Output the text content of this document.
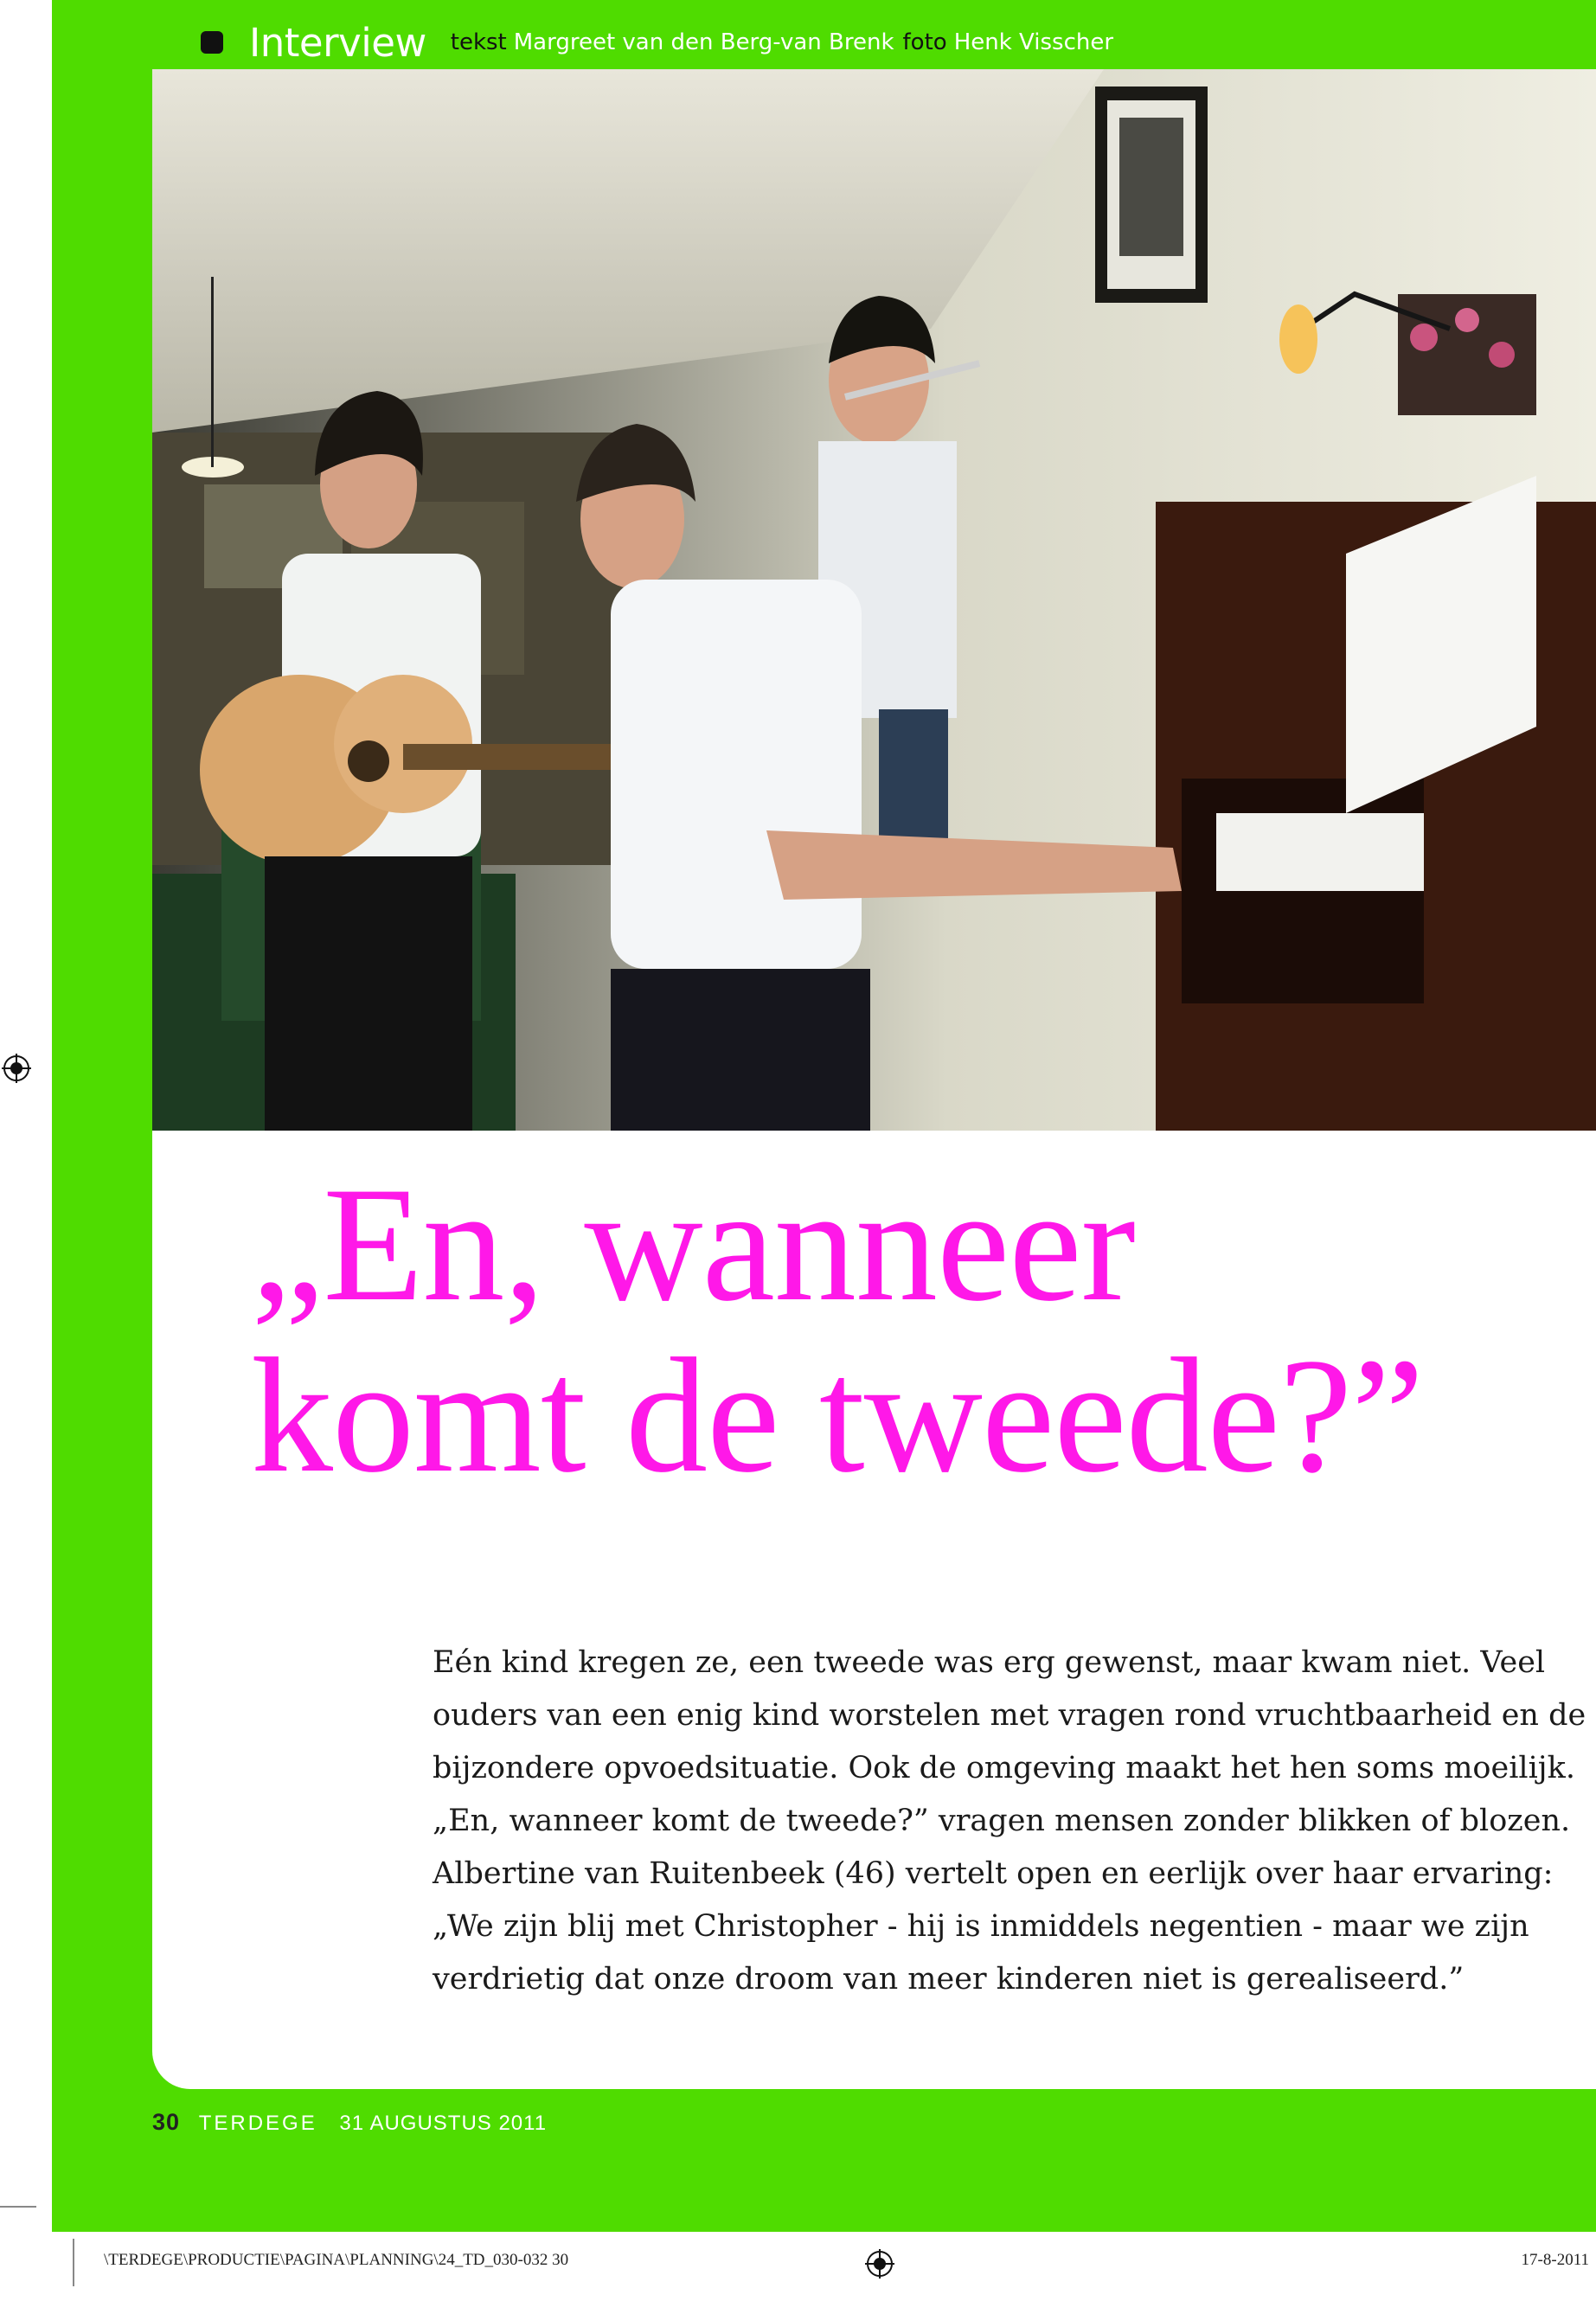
Interview tekst Margreet van den Berg-van Brenk foto Henk Visscher
„En, wanneer
komt de tweede?”

Eén kind kregen ze, een tweede was erg gewenst, maar kwam niet. Veel
ouders van een enig kind worstelen met vragen rond vruchtbaarheid en de
bijzondere opvoedsituatie. Ook de omgeving maakt het hen soms moeilijk.
„En, wanneer komt de tweede?” vragen mensen zonder blikken of blozen.
Albertine van Ruitenbeek (46) vertelt open en eerlijk over haar ervaring:
„We zijn blij met Christopher - hij is inmiddels negentien - maar we zijn
verdrietig dat onze droom van meer kinderen niet is gerealiseerd.”

30 TERDEGE 31 AUGUSTUS 2011
\TERDEGE\PRODUCTIE\PAGINA\PLANNING\24_TD_030-032 30	17-8-2011
